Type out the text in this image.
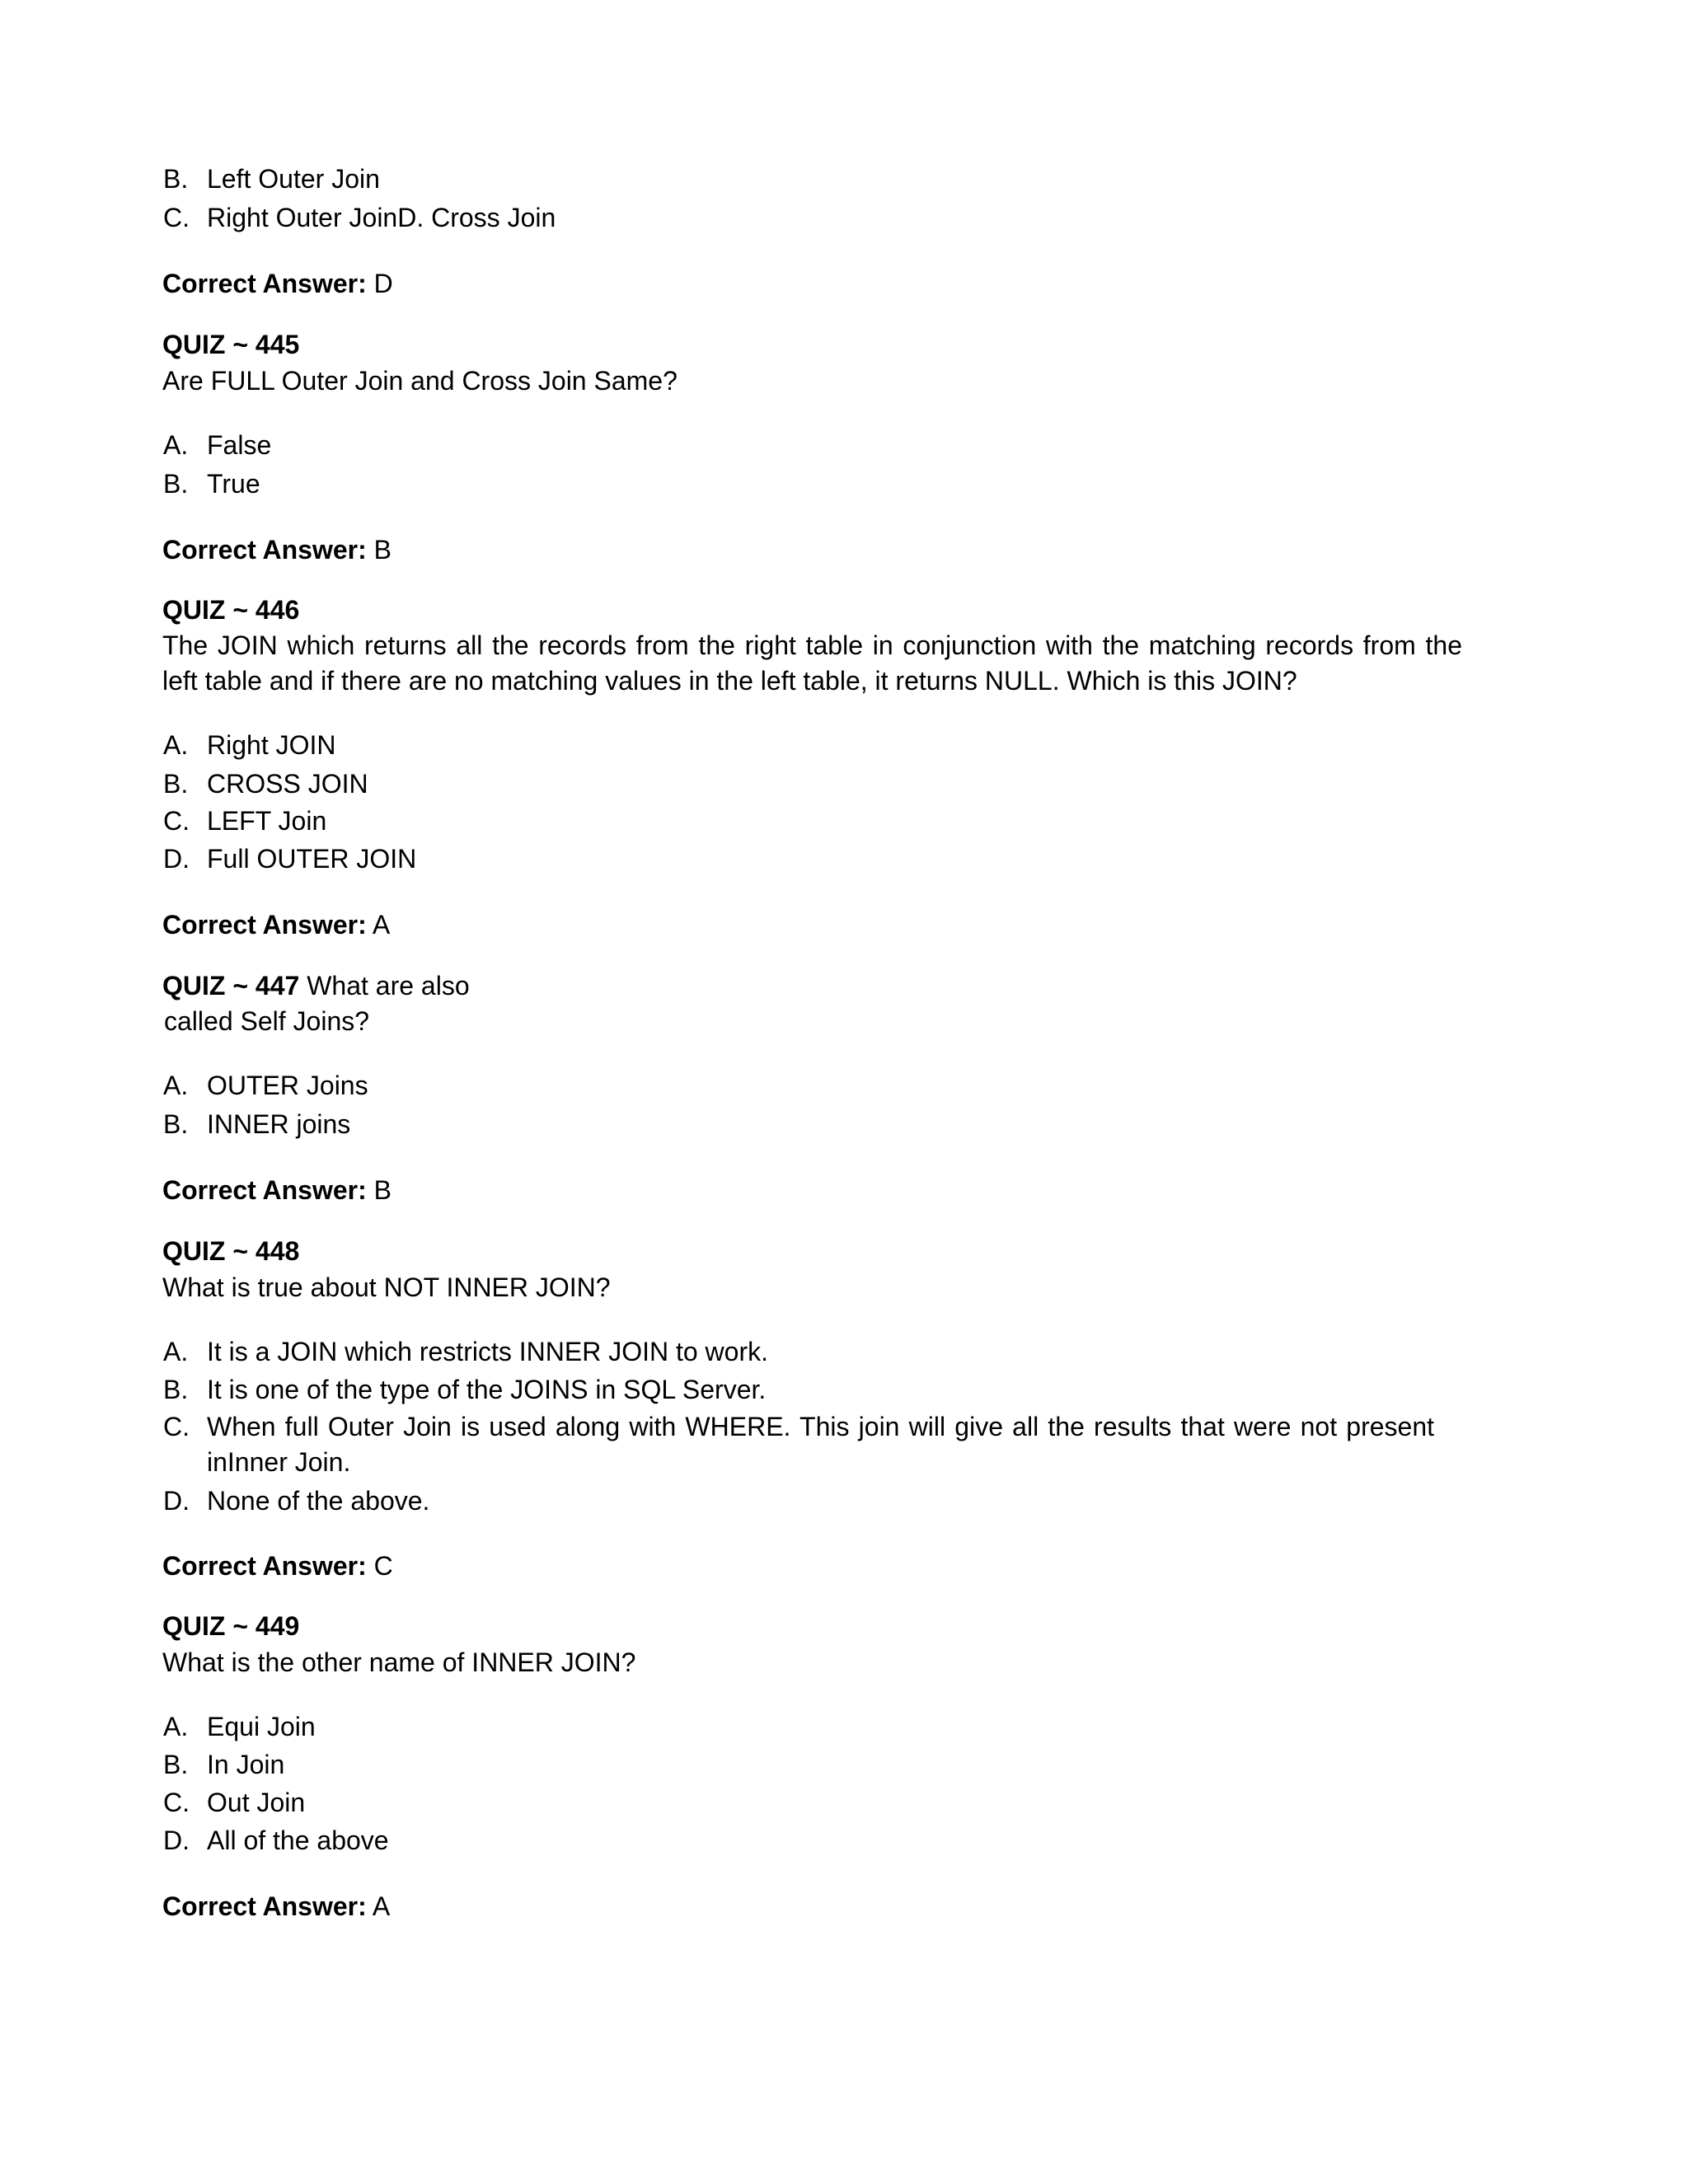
B. Left Outer Join
C. Right Outer JoinD. Cross Join
Correct Answer: D
QUIZ ~ 445
Are FULL Outer Join and Cross Join Same?
A. False
B. True
Correct Answer: B
QUIZ ~ 446
The JOIN which returns all the records from the right table in conjunction with the matching records from the
left table and if there are no matching values in the left table, it returns NULL. Which is this JOIN?
A. Right JOIN
B. CROSS JOIN
C. LEFT Join
D. Full OUTER JOIN
Correct Answer: A
QUIZ ~ 447 What are also
called Self Joins?
A. OUTER Joins
B. INNER joins
Correct Answer: B
QUIZ ~ 448
What is true about NOT INNER JOIN?
A. It is a JOIN which restricts INNER JOIN to work.
B. It is one of the type of the JOINS in SQL Server.
C. When full Outer Join is used along with WHERE. This join will give all the results that were not present
inInner Join.
D. None of the above.
Correct Answer: C
QUIZ ~ 449
What is the other name of INNER JOIN?
A. Equi Join
B. In Join
C. Out Join
D. All of the above
Correct Answer: A
